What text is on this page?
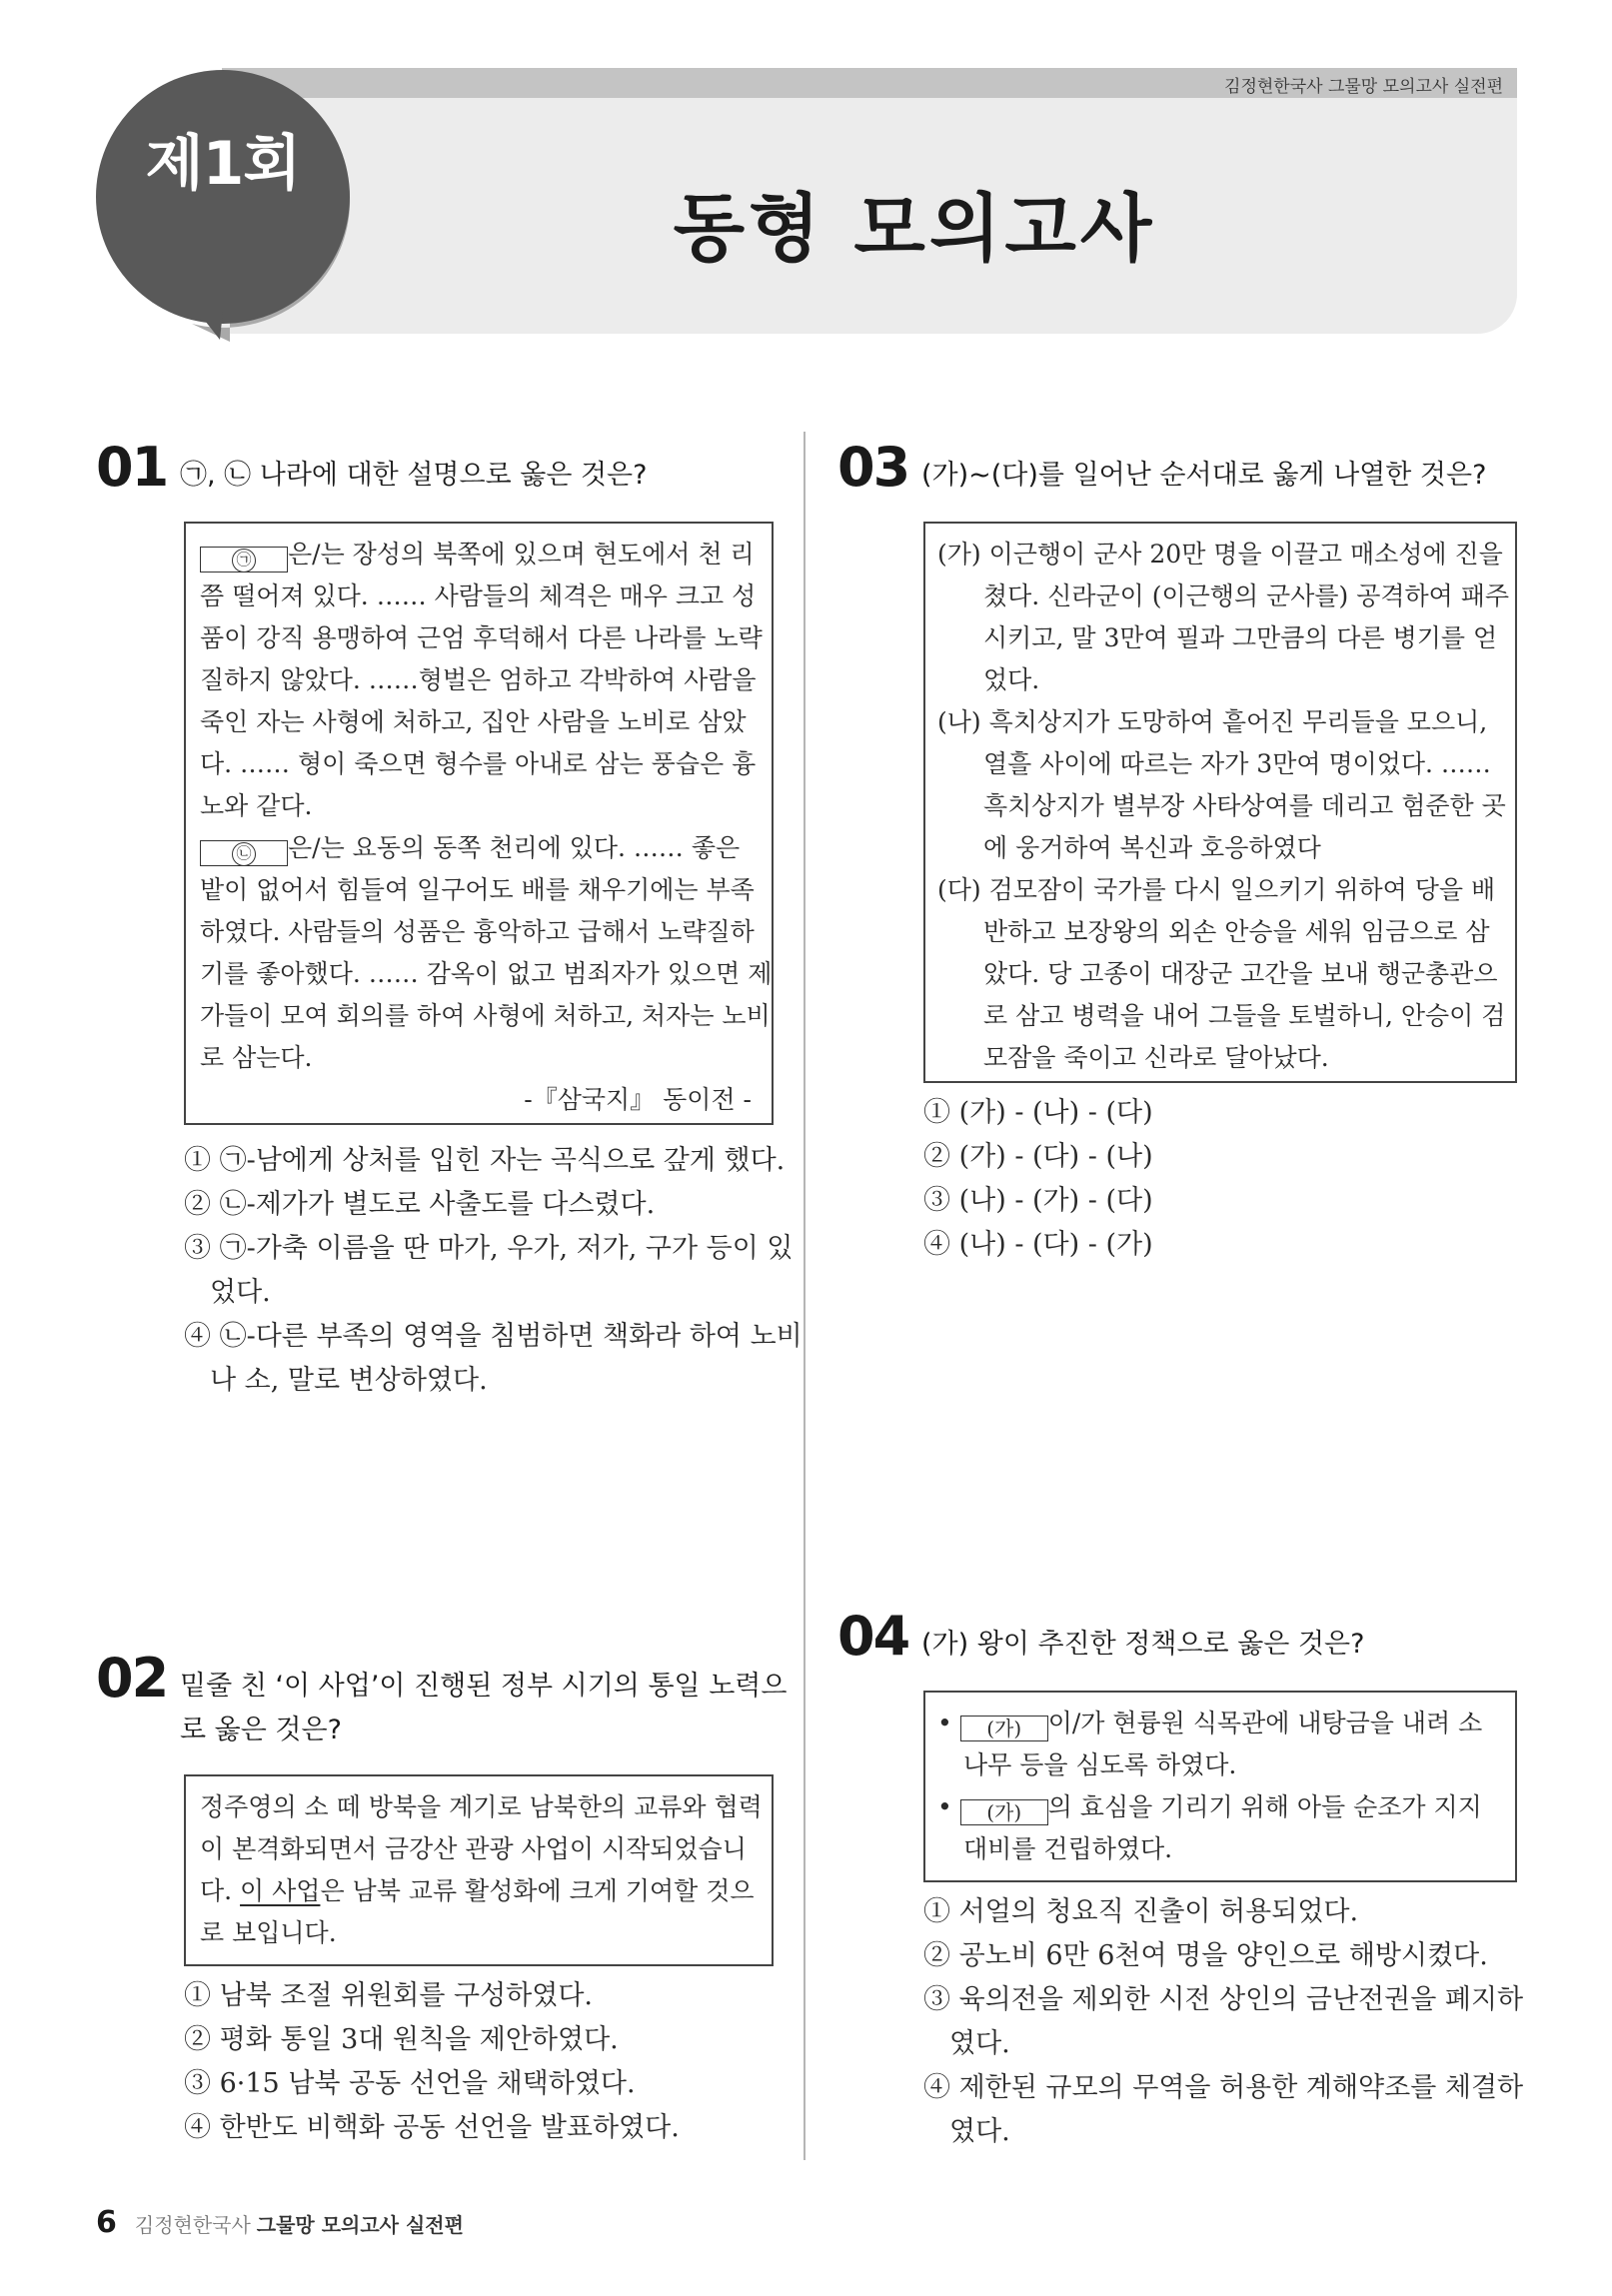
김정현한국사 그물망 모의고사 실전편
동형 모의고사
제1회
01 ㉠, ㉡ 나라에 대한 설명으로 옳은 것은?
㉠ 은/는 장성의 북쪽에 있으며 현도에서 천 리
쯤 떨어져 있다. …… 사람들의 체격은 매우 크고 성
품이 강직 용맹하여 근엄 후덕해서 다른 나라를 노략
질하지 않았다. ……형벌은 엄하고 각박하여 사람을
죽인 자는 사형에 처하고, 집안 사람을 노비로 삼았
다. …… 형이 죽으면 형수를 아내로 삼는 풍습은 흉
노와 같다.
㉡ 은/는 요동의 동쪽 천리에 있다. …… 좋은
밭이 없어서 힘들여 일구어도 배를 채우기에는 부족
하였다. 사람들의 성품은 흉악하고 급해서 노략질하
기를 좋아했다. …… 감옥이 없고 범죄자가 있으면 제
가들이 모여 회의를 하여 사형에 처하고, 처자는 노비
로 삼는다.
-『삼국지』 동이전 -
① ㉠-남에게 상처를 입힌 자는 곡식으로 갚게 했다.
② ㉡-제가가 별도로 사출도를 다스렸다.
③ ㉠-가축 이름을 딴 마가, 우가, 저가, 구가 등이 있
었다.
④ ㉡-다른 부족의 영역을 침범하면 책화라 하여 노비
나 소, 말로 변상하였다.
02 밑줄 친 ‘이 사업’이 진행된 정부 시기의 통일 노력으
로 옳은 것은?
정주영의 소 떼 방북을 계기로 남북한의 교류와 협력
이 본격화되면서 금강산 관광 사업이 시작되었습니
다. 이 사업은 남북 교류 활성화에 크게 기여할 것으
로 보입니다.
① 남북 조절 위원회를 구성하였다.
② 평화 통일 3대 원칙을 제안하였다.
③ 6·15 남북 공동 선언을 채택하였다.
④ 한반도 비핵화 공동 선언을 발표하였다.
03 (가)~(다)를 일어난 순서대로 옳게 나열한 것은?
(가) 이근행이 군사 20만 명을 이끌고 매소성에 진을
쳤다. 신라군이 (이근행의 군사를) 공격하여 패주
시키고, 말 3만여 필과 그만큼의 다른 병기를 얻
었다.
(나) 흑치상지가 도망하여 흩어진 무리들을 모으니,
열흘 사이에 따르는 자가 3만여 명이었다. ……
흑치상지가 별부장 사타상여를 데리고 험준한 곳
에 웅거하여 복신과 호응하였다
(다) 검모잠이 국가를 다시 일으키기 위하여 당을 배
반하고 보장왕의 외손 안승을 세워 임금으로 삼
았다. 당 고종이 대장군 고간을 보내 행군총관으
로 삼고 병력을 내어 그들을 토벌하니, 안승이 검
모잠을 죽이고 신라로 달아났다.
① (가) - (나) - (다)
② (가) - (다) - (나)
③ (나) - (가) - (다)
④ (나) - (다) - (가)
04 (가) 왕이 추진한 정책으로 옳은 것은?
• (가) 이/가 현륭원 식목관에 내탕금을 내려 소
나무 등을 심도록 하였다.
• (가) 의 효심을 기리기 위해 아들 순조가 지지
대비를 건립하였다.
① 서얼의 청요직 진출이 허용되었다.
② 공노비 6만 6천여 명을 양인으로 해방시켰다.
③ 육의전을 제외한 시전 상인의 금난전권을 폐지하
였다.
④ 제한된 규모의 무역을 허용한 계해약조를 체결하
였다.
6 김정현한국사 그물망 모의고사 실전편
